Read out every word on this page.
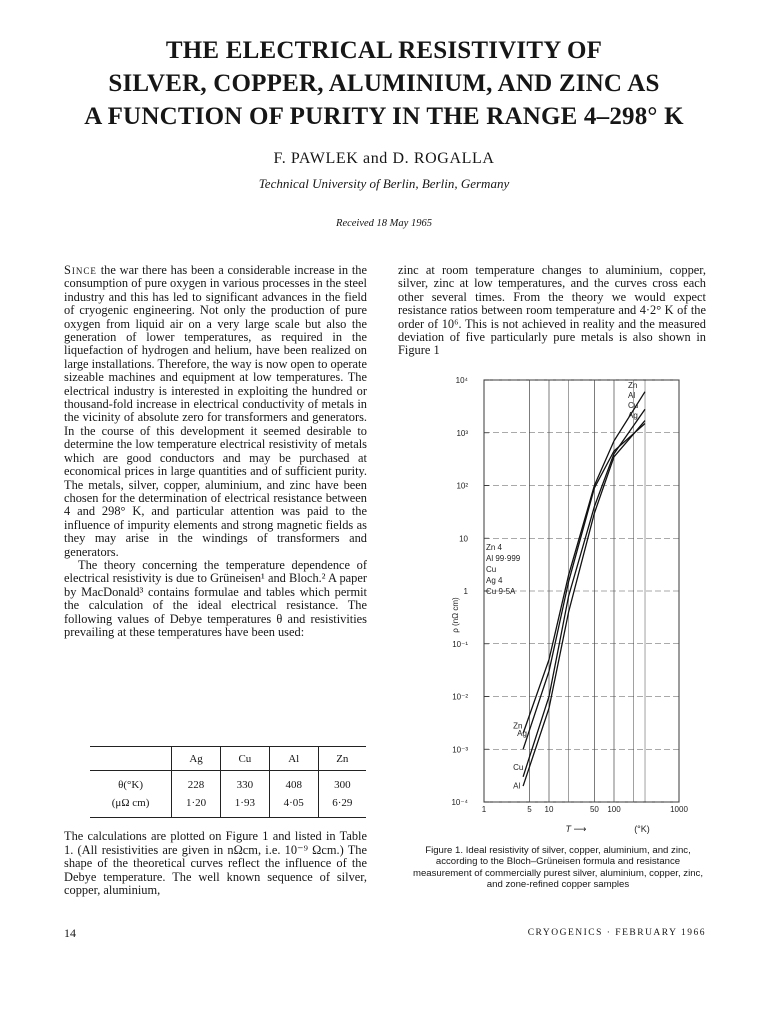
THE ELECTRICAL RESISTIVITY OF
SILVER, COPPER, ALUMINIUM, AND ZINC AS
A FUNCTION OF PURITY IN THE RANGE 4–298° K
F. PAWLEK and D. ROGALLA
Technical University of Berlin, Berlin, Germany
Received 18 May 1965

Since the war there has been a considerable increase in the consumption of pure oxygen in various processes in the steel industry and this has led to significant advances in the field of cryogenic engineering. Not only the production of pure oxygen from liquid air on a very large scale but also the generation of lower temperatures, as required in the liquefaction of hydrogen and helium, have been realized on large installations. Therefore, the way is now open to operate sizeable machines and equipment at low temperatures. The electrical industry is interested in exploiting the hundred or thousand-fold increase in electrical conductivity of metals in the vicinity of absolute zero for transformers and generators. In the course of this development it seemed desirable to determine the low temperature electrical resistivity of metals which are good conductors and may be purchased at economical prices in large quantities and of sufficient purity. The metals, silver, copper, aluminium, and zinc have been chosen for the determination of electrical resistance between 4 and 298° K, and particular attention was paid to the influence of impurity elements and strong magnetic fields as they may arise in the windings of transformers and generators.

The theory concerning the temperature dependence of electrical resistivity is due to Grüneisen¹ and Bloch.² A paper by MacDonald³ contains formulae and tables which permit the calculation of the ideal electrical resistance. The following values of Debye temperatures θ and resistivities prevailing at these temperatures have been used:

	Ag	Cu	Al	Zn
θ(°K)	228	330	408	300
(μΩ cm)	1·20	1·93	4·05	6·29
The calculations are plotted on Figure 1 and listed in Table 1. (All resistivities are given in nΩcm, i.e. 10⁻⁹ Ωcm.) The shape of the theoretical curves reflect the influence of the Debye temperature. The well known sequence of silver, copper, aluminium,

zinc at room temperature changes to aluminium, copper, silver, zinc at low temperatures, and the curves cross each other several times. From the theory we would expect resistance ratios between room temperature and 4·2° K of the order of 10⁶. This is not achieved in reality and the measured deviation of five particularly pure metals is also shown in Figure 1

10⁴
10³
10²
10
1
10⁻¹
10⁻²
10⁻³
10⁻⁴
1	5 10	50 100	1000
T ⟶	(°K)
ρ (nΩ cm)
Zn
Al
Cu
Ag
Zn 4
Al 99·999
Cu
Ag 4
Cu 9·5A
Zn
Ag
Cu
Al
Figure 1. Ideal resistivity of silver, copper, aluminium, and zinc, according to the Bloch–Grüneisen formula and resistance measurement of commercially purest silver, aluminium, copper, zinc, and zone-refined copper samples
14	CRYOGENICS · FEBRUARY 1966
